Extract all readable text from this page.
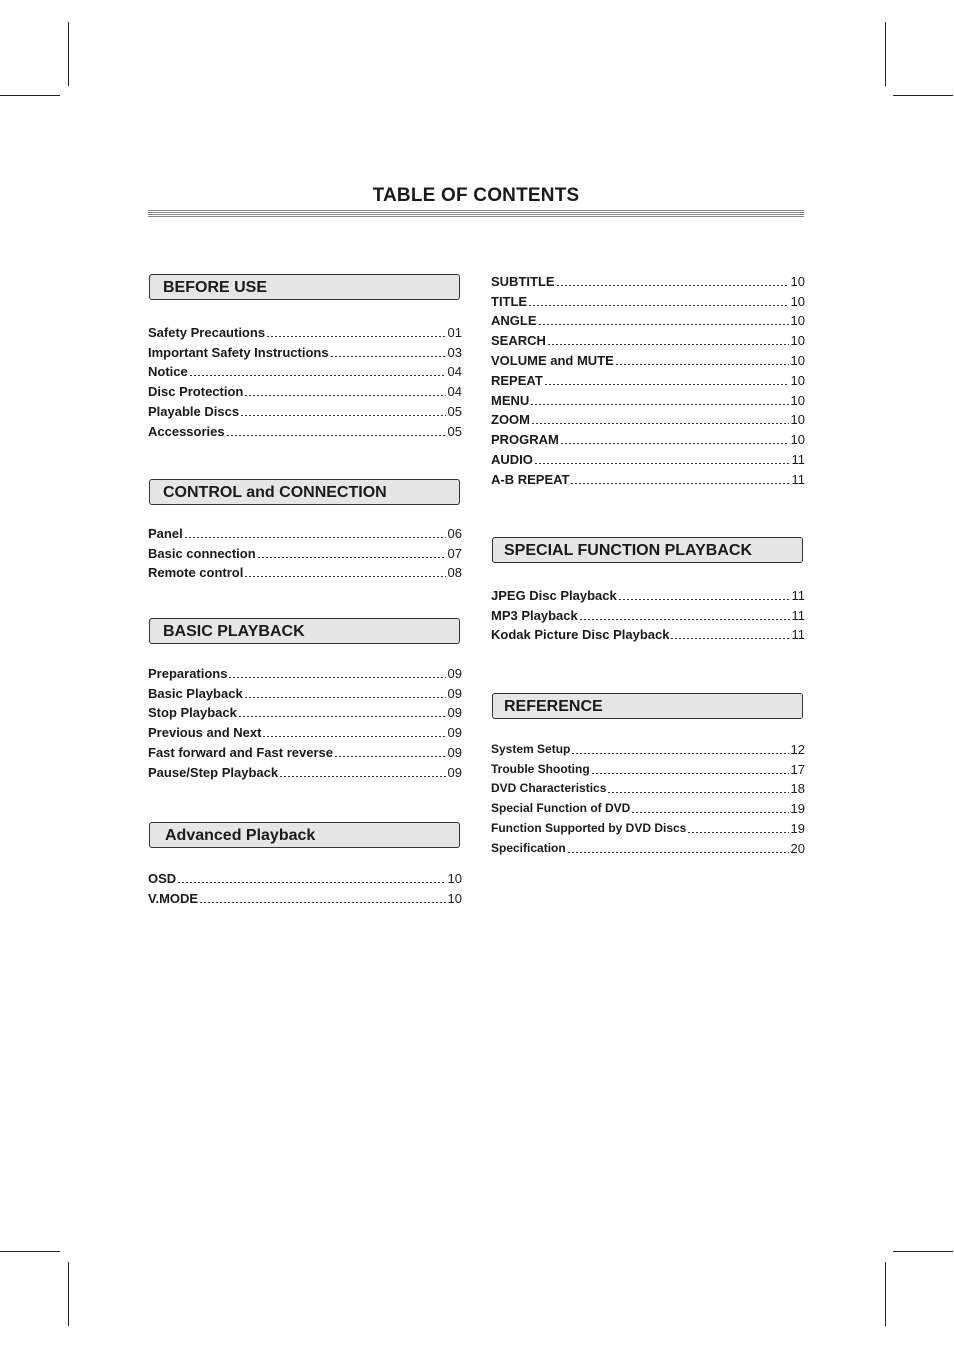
TABLE OF CONTENTS
BEFORE USE
Safety Precautions	01
Important Safety Instructions	03
Notice	04
Disc Protection	04
Playable Discs	05
Accessories	05
CONTROL and CONNECTION
Panel	06
Basic connection	07
Remote control	08
BASIC PLAYBACK
Preparations	09
Basic Playback	09
Stop Playback	09
Previous and Next	09
Fast forward and Fast reverse	09
Pause/Step Playback	09
Advanced Playback
OSD	10
V.MODE	10
SUBTITLE	10
TITLE	10
ANGLE	10
SEARCH	10
VOLUME and MUTE	10
REPEAT	10
MENU	10
ZOOM	10
PROGRAM	10
AUDIO	11
A-B REPEAT	11
SPECIAL FUNCTION PLAYBACK
JPEG Disc Playback	11
MP3 Playback	11
Kodak Picture Disc Playback	11
REFERENCE
System Setup	12
Trouble Shooting	17
DVD Characteristics	18
Special Function of DVD	19
Function Supported by DVD Discs	19
Specification	20
